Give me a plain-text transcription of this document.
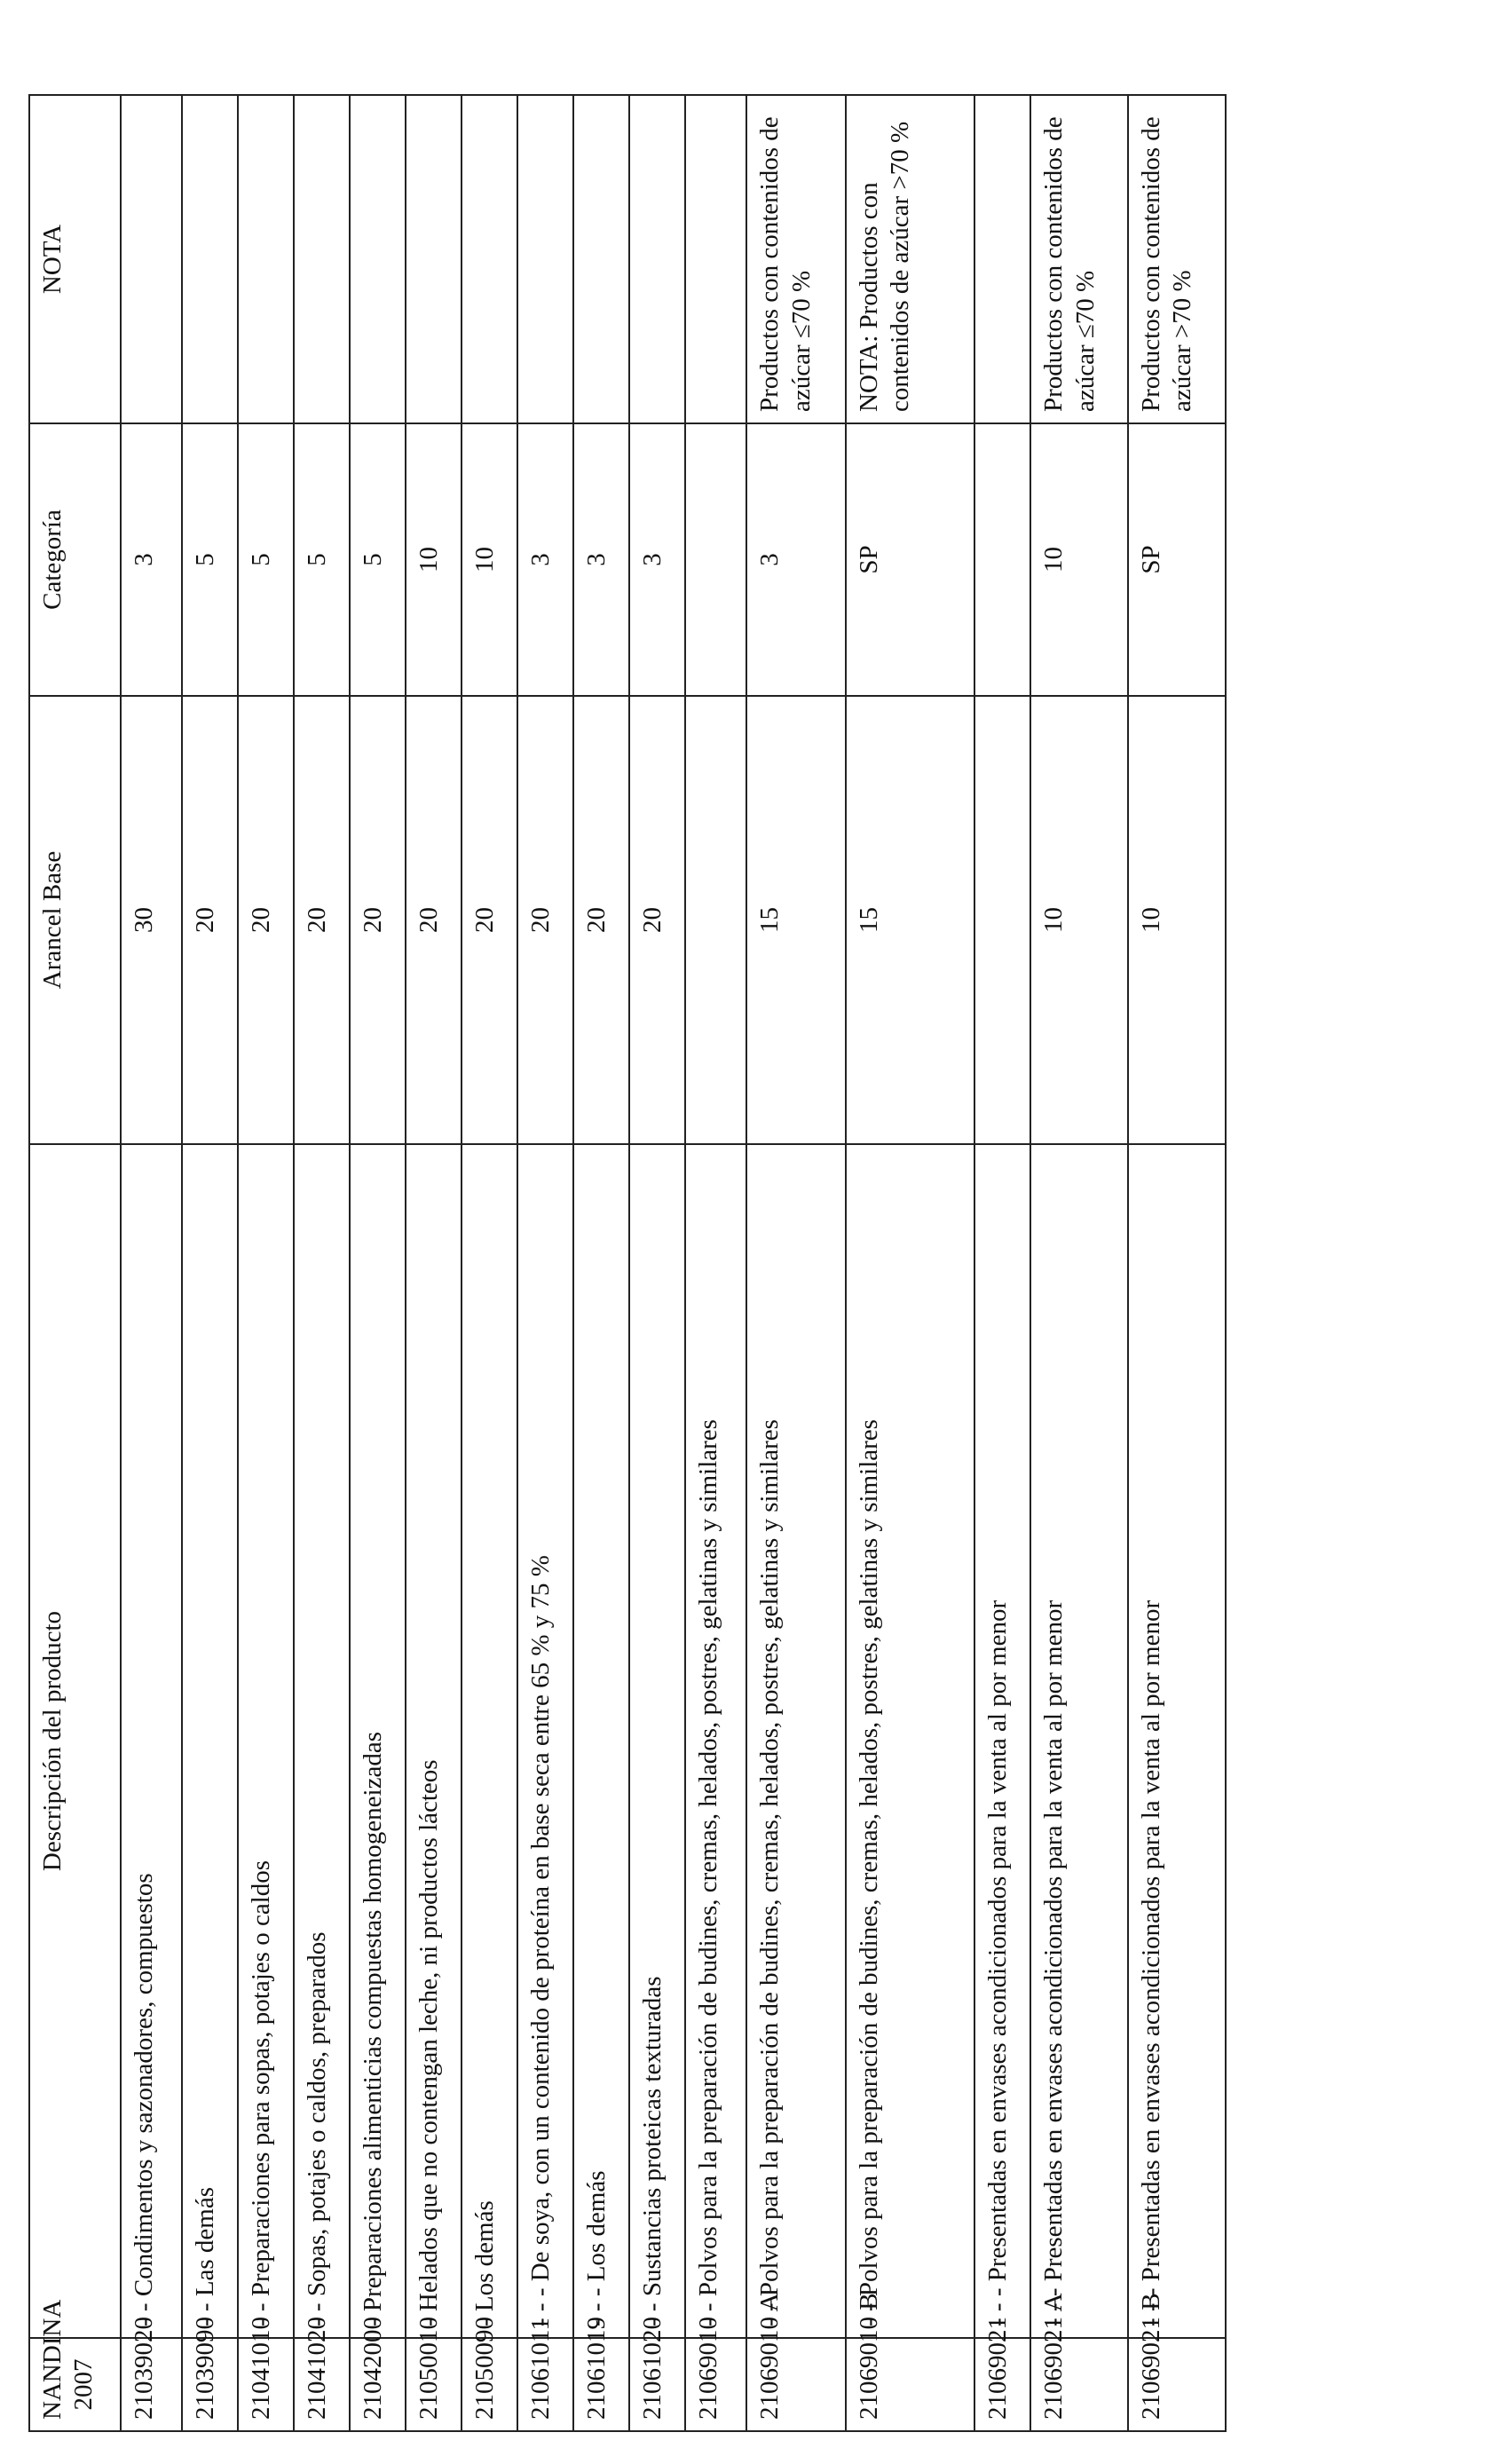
NANDINA 2007	Descripción del producto	Arancel Base	Categoría	NOTA
21039020	- - Condimentos y sazonadores, compuestos	30	3	
21039090	- - Las demás	20	5	
21041010	- - Preparaciones para sopas, potajes o caldos	20	5	
21041020	- - Sopas, potajes o caldos, preparados	20	5	
21042000	- Preparaciones alimenticias compuestas homogeneizadas	20	5	
21050010	- Helados que no contengan leche, ni productos lácteos	20	10	
21050090	- Los demás	20	10	
21061011	- - - De soya, con un contenido de proteína en base seca entre 65 % y 75 %	20	3	
21061019	- - - Los demás	20	3	
21061020	- - Sustancias proteicas texturadas	20	3	
21069010	- - Polvos para la preparación de budines, cremas, helados, postres, gelatinas y similares			
21069010 A	- - Polvos para la preparación de budines, cremas, helados, postres, gelatinas y similares	15	3	Productos con contenidos de azúcar ≤70 %
21069010 B	- - Polvos para la preparación de budines, cremas, helados, postres, gelatinas y similares	15	SP	NOTA: Productos con contenidos de azúcar >70 %
21069021	- - - Presentadas en envases acondicionados para la venta al por menor			
21069021 A	- - - Presentadas en envases acondicionados para la venta al por menor	10	10	Productos con contenidos de azúcar ≤70 %
21069021 B	- - - Presentadas en envases acondicionados para la venta al por menor	10	SP	Productos con contenidos de azúcar >70 %
